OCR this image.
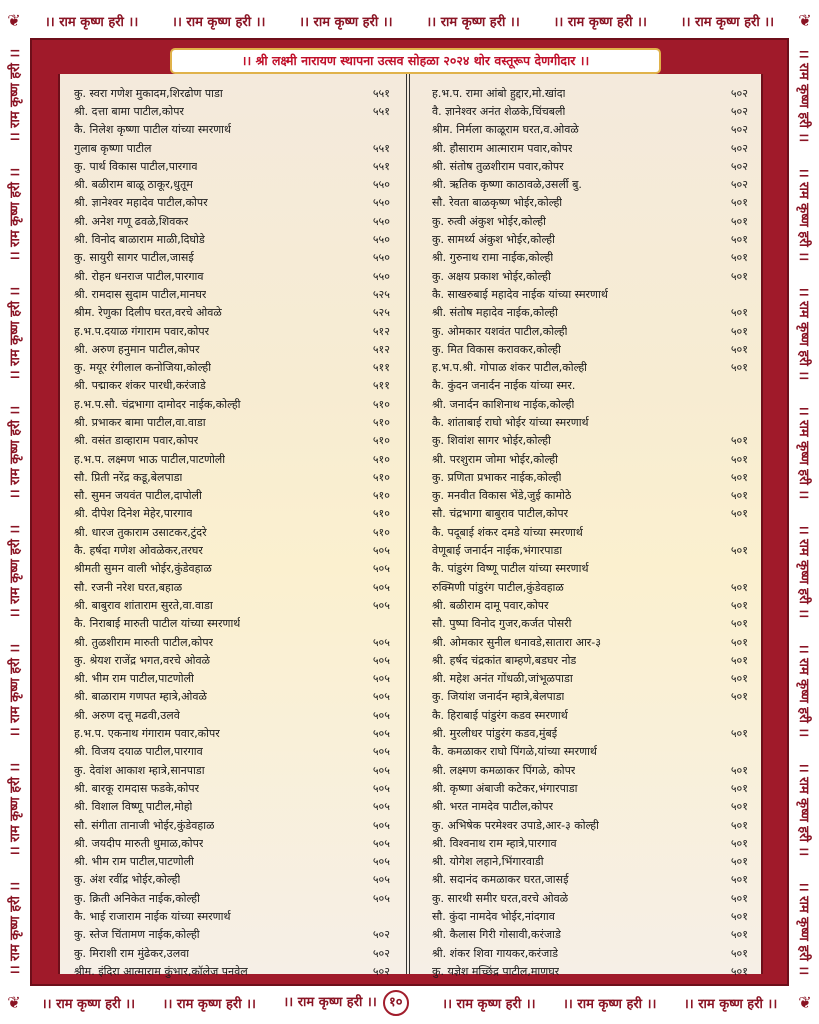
❦	❦
❦	❦
।। राम कृष्ण हरी ।।	।। राम कृष्ण हरी ।।	।। राम कृष्ण हरी ।।	।। राम कृष्ण हरी ।।	।। राम कृष्ण हरी ।।	।। राम कृष्ण हरी ।।
।। राम कृष्ण हरी ।। ।। राम कृष्ण हरी ।। ।। राम कृष्ण हरी ।। १०	।। राम कृष्ण हरी ।। ।। राम कृष्ण हरी ।। ।। राम कृष्ण हरी ।।
।। राम कृष्ण हरी ।।
।। राम कृष्ण हरी ।।
।। राम कृष्ण हरी ।।
।। राम कृष्ण हरी ।।
।। राम कृष्ण हरी ।।
।। राम कृष्ण हरी ।।
।। राम कृष्ण हरी ।।
।। राम कृष्ण हरी ।।	।। राम कृष्ण हरी ।।
।। राम कृष्ण हरी ।।
।। राम कृष्ण हरी ।।
।। राम कृष्ण हरी ।।
।। राम कृष्ण हरी ।।
।। राम कृष्ण हरी ।।
।। राम कृष्ण हरी ।।
।। राम कृष्ण हरी ।।
।। श्री लक्ष्मी नारायण स्थापना उत्सव सोहळा २०२४ थोर वस्तूरूप देणगीदार ।।
कु. स्वरा गणेश मुकादम,शिरढोण पाडा	५५१
श्री. दत्ता बामा पाटील,कोपर	५५१
कै. निलेश कृष्णा पाटील यांच्या स्मरणार्थ
गुलाब कृष्णा पाटील	५५१
कु. पार्थ विकास पाटील,पारगाव	५५१
श्री. बळीराम बाळू ठाकूर,धुतूम	५५०
श्री. ज्ञानेश्वर महादेव पाटील,कोपर	५५०
श्री. अनेश गणू ढवळे,शिवकर	५५०
श्री. विनोद बाळाराम माळी,दिघोडे	५५०
कु. सायुरी सागर पाटील,जासई	५५०
श्री. रोहन धनराज पाटील,पारगाव	५५०
श्री. रामदास सुदाम पाटील,मानघर	५२५
श्रीम. रेणुका दिलीप घरत,वरचे ओवळे	५२५
ह.भ.प.दयाळ गंगाराम पवार,कोपर	५१२
श्री. अरुण हनुमान पाटील,कोपर	५१२
कु. मयूर रंगीलाल कनोजिया,कोल्ही	५११
श्री. पद्माकर शंकर पारधी,करंजाडे	५११
ह.भ.प.सौ. चंद्रभागा दामोदर नाईक,कोल्ही	५१०
श्री. प्रभाकर बामा पाटील,वा.वाडा	५१०
श्री. वसंत डाव्हाराम पवार,कोपर	५१०
ह.भ.प. लक्ष्मण भाऊ पाटील,पाटणोली	५१०
सौ. प्रिती नरेंद्र कडू,बेलपाडा	५१०
सौ. सुमन जयवंत पाटील,दापोली	५१०
श्री. दीपेश दिनेश मेहेर,पारगाव	५१०
श्री. धारज तुकाराम उसाटकर,टुंदरे	५१०
कै. हर्षदा गणेश ओवळेकर,तरघर	५०५
श्रीमती सुमन वाली भोईर,कुंडेवहाळ	५०५
सौ. रजनी नरेश घरत,बहाळ	५०५
श्री. बाबुराव शांताराम सुरते,वा.वाडा	५०५
कै. निराबाई मारुती पाटील यांच्या स्मरणार्थ
श्री. तुळशीराम मारुती पाटील,कोपर	५०५
कु. श्रेयश राजेंद्र भगत,वरचे ओवळे	५०५
श्री. भीम राम पाटील,पाटणोली	५०५
श्री. बाळाराम गणपत म्हात्रे,ओवळे	५०५
श्री. अरुण दत्तू मढवी,उलवे	५०५
ह.भ.प. एकनाथ गंगाराम पवार,कोपर	५०५
श्री. विजय दयाळ पाटील,पारगाव	५०५
कु. देवांश आकाश म्हात्रे,सानपाडा	५०५
श्री. बारकू रामदास फडके,कोपर	५०५
श्री. विशाल विष्णू पाटील,मोहो	५०५
सौ. संगीता तानाजी भोईर,कुंडेवहाळ	५०५
श्री. जयदीप मारुती धुमाळ,कोपर	५०५
श्री. भीम राम पाटील,पाटणोली	५०५
कु. अंश रवींद्र भोईर,कोल्ही	५०५
कु. क्रिती अनिकेत नाईक,कोल्ही	५०५
कै. भाई राजाराम नाईक यांच्या स्मरणार्थ
कु. स्तेज चिंतामण नाईक,कोल्ही	५०२
कु. मिराशी राम मुंढेकर,उलवा	५०२
श्रीम. इंदिरा आत्माराम कुंभार,कॉलेज पनवेल	५०२
ह.भ.प. रामा आंबो हुद्दार,मो.खांदा	५०२
वै. ज्ञानेश्वर अनंत शेळके,चिंचबली	५०२
श्रीम. निर्मला काळूराम घरत,व.ओवळे	५०२
श्री. हौसाराम आत्माराम पवार,कोपर	५०२
श्री. संतोष तुळशीराम पवार,कोपर	५०२
श्री. ऋतिक कृष्णा काठावळे,उसर्ली बु.	५०२
सौ. रेवता बाळकृष्ण भोईर,कोल्ही	५०१
कु. रुत्वी अंकुश भोईर,कोल्ही	५०१
कु. सामर्थ्य अंकुश भोईर,कोल्ही	५०१
श्री. गुरुनाथ रामा नाईक,कोल्ही	५०१
कु. अक्षय प्रकाश भोईर,कोल्ही	५०१
कै. साखरुबाई महादेव नाईक यांच्या स्मरणार्थ
श्री. संतोष महादेव नाईक,कोल्ही	५०१
कु. ओमकार यशवंत पाटील,कोल्ही	५०१
कु. मित विकास करावकर,कोल्ही	५०१
ह.भ.प.श्री. गोपाळ शंकर पाटील,कोल्ही	५०१
कै. कुंदन जनार्दन नाईक यांच्या स्मर.
श्री. जनार्दन काशिनाथ नाईक,कोल्ही
कै. शांताबाई राघो भोईर यांच्या स्मरणार्थ
कु. शिवांश सागर भोईर,कोल्ही	५०१
श्री. परशुराम जोमा भोईर,कोल्ही	५०१
कु. प्रणिता प्रभाकर नाईक,कोल्ही	५०१
कु. मनवीत विकास भेंडे,जुई कामोठे	५०१
सौ. चंद्रभागा बाबुराव पाटील,कोपर	५०१
कै. पदूबाई शंकर दमडे यांच्या स्मरणार्थ
वेणूबाई जनार्दन नाईक,भंगारपाडा	५०१
कै. पांडुरंग विष्णू पाटील यांच्या स्मरणार्थ
रुक्मिणी पांडुरंग पाटील,कुंडेवहाळ	५०१
श्री. बळीराम दामू पवार,कोपर	५०१
सौ. पुष्पा विनोद गुजर,कर्जत पोसरी	५०१
श्री. ओमकार सुनील धनावडे,सातारा आर-३	५०१
श्री. हर्षद चंद्रकांत बाम्हणे,बडघर नोड	५०१
श्री. महेश अनंत गोंधळी,जांभूळपाडा	५०१
कु. जियांश जनार्दन म्हात्रे,बेलपाडा	५०१
कै. हिराबाई पांडुरंग कडव स्मरणार्थ
श्री. मुरलीधर पांडुरंग कडव,मुंबई	५०१
कै. कमळाकर राघो पिंगळे,यांच्या स्मरणार्थ
श्री. लक्ष्मण कमळाकर पिंगळे, कोपर	५०१
श्री. कृष्णा अंबाजी कटेकर,भंगारपाडा	५०१
श्री. भरत नामदेव पाटील,कोपर	५०१
कु. अभिषेक परमेश्वर उपाडे,आर-३ कोल्ही	५०१
श्री. विश्वनाथ राम म्हात्रे,पारगाव	५०१
श्री. योगेश लहाने,भिंगारवाडी	५०१
श्री. सदानंद कमळाकर घरत,जासई	५०१
कु. सारथी समीर घरत,वरचे ओवळे	५०१
सौ. कुंदा नामदेव भोईर,नांदगाव	५०१
श्री. कैलास गिरी गोसावी,करंजाडे	५०१
श्री. शंकर शिवा गायकर,करंजाडे	५०१
कु. यज्ञेश मच्छिंद्र पाटील,माणघर	५०१
~❦~
